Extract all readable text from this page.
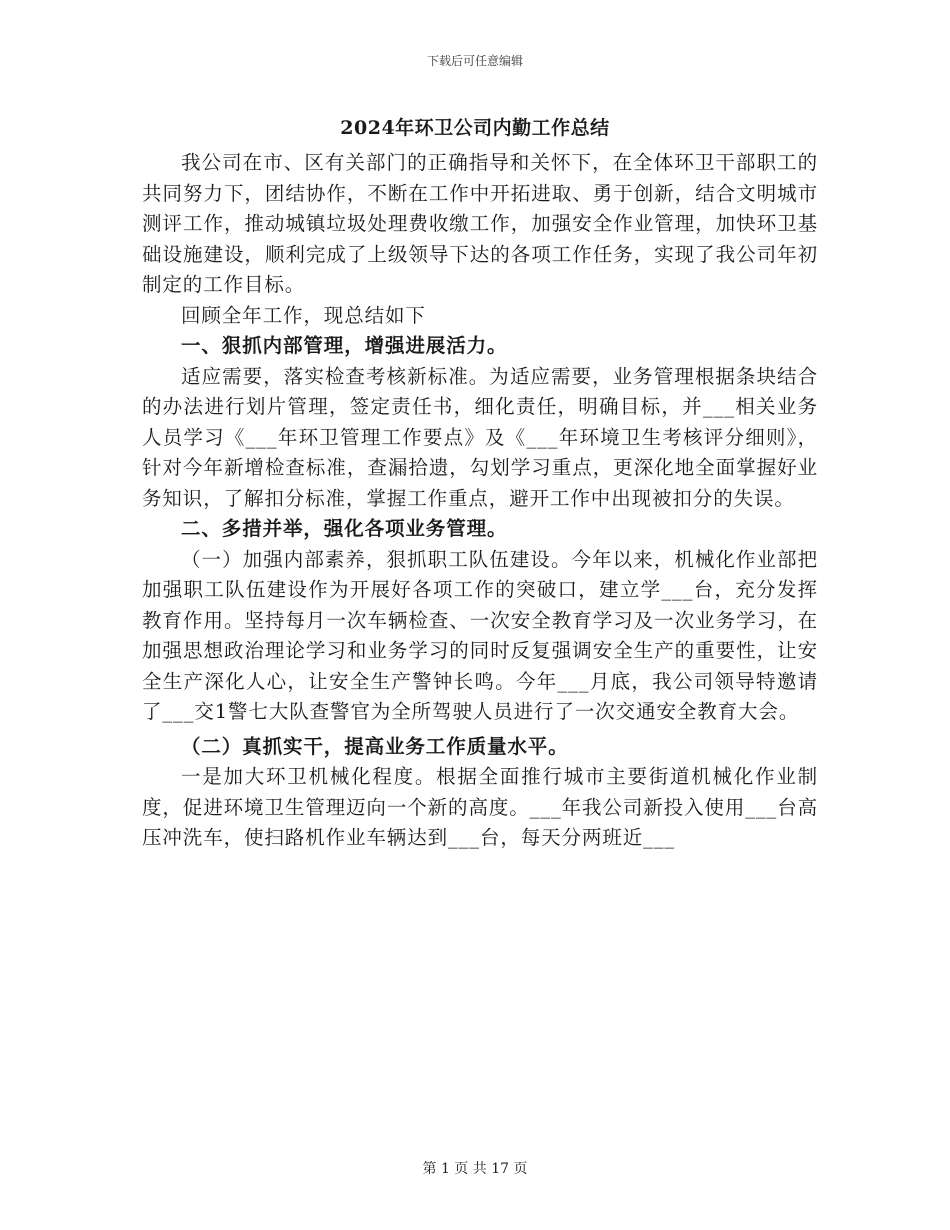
下载后可任意编辑
2024年环卫公司内勤工作总结

我公司在市、区有关部门的正确指导和关怀下，在全体环卫干部职工的共同努力下，团结协作，不断在工作中开拓进取、勇于创新，结合文明城市测评工作，推动城镇垃圾处理费收缴工作，加强安全作业管理，加快环卫基础设施建设，顺利完成了上级领导下达的各项工作任务，实现了我公司年初制定的工作目标。

回顾全年工作，现总结如下

一、狠抓内部管理，增强进展活力。

适应需要，落实检查考核新标准。为适应需要，业务管理根据条块结合的办法进行划片管理，签定责任书，细化责任，明确目标，并___相关业务人员学习《___年环卫管理工作要点》及《___年环境卫生考核评分细则》，针对今年新增检查标准，查漏拾遗，勾划学习重点，更深化地全面掌握好业务知识，了解扣分标准，掌握工作重点，避开工作中出现被扣分的失误。

二、多措并举，强化各项业务管理。

（一）加强内部素养，狠抓职工队伍建设。今年以来，机械化作业部把加强职工队伍建设作为开展好各项工作的突破口，建立学___台，充分发挥教育作用。坚持每月一次车辆检查、一次安全教育学习及一次业务学习，在加强思想政治理论学习和业务学习的同时反复强调安全生产的重要性，让安全生产深化人心，让安全生产警钟长鸣。今年___月底，我公司领导特邀请了___交1警七大队查警官为全所驾驶人员进行了一次交通安全教育大会。

（二）真抓实干，提高业务工作质量水平。

一是加大环卫机械化程度。根据全面推行城市主要街道机械化作业制度，促进环境卫生管理迈向一个新的高度。___年我公司新投入使用___台高压冲洗车，使扫路机作业车辆达到___台，每天分两班近___

第 1 页 共 17 页
